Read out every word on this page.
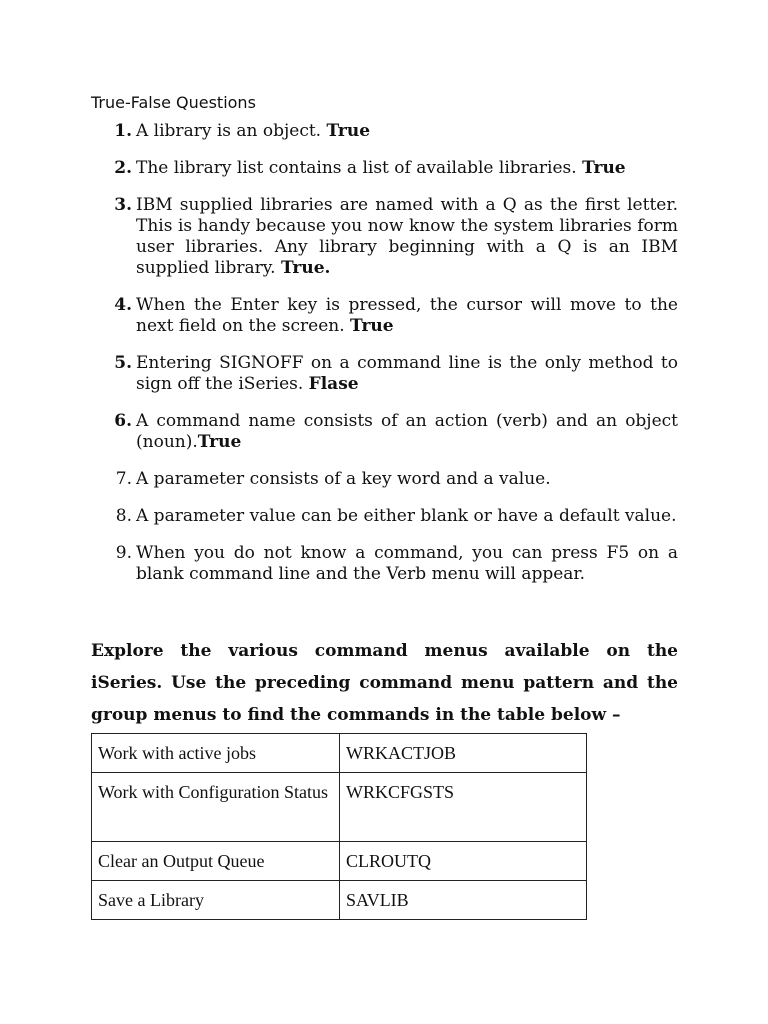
True-False Questions
1. A library is an object. True
2. The library list contains a list of available libraries. True
3. IBM supplied libraries are named with a Q as the first letter. This is handy because you now know the system libraries form user libraries. Any library beginning with a Q is an IBM supplied library. True.
4. When the Enter key is pressed, the cursor will move to the next field on the screen. True
5. Entering SIGNOFF on a command line is the only method to sign off the iSeries. Flase
6. A command name consists of an action (verb) and an object (noun).True
7. A parameter consists of a key word and a value.
8. A parameter value can be either blank or have a default value.
9. When you do not know a command, you can press F5 on a blank command line and the Verb menu will appear.

Explore the various command menus available on the iSeries. Use the preceding command menu pattern and the group menus to find the commands in the table below –

Work with active jobs	WRKACTJOB
Work with Configuration Status	WRKCFGSTS
Clear an Output Queue	CLROUTQ
Save a Library	SAVLIB
